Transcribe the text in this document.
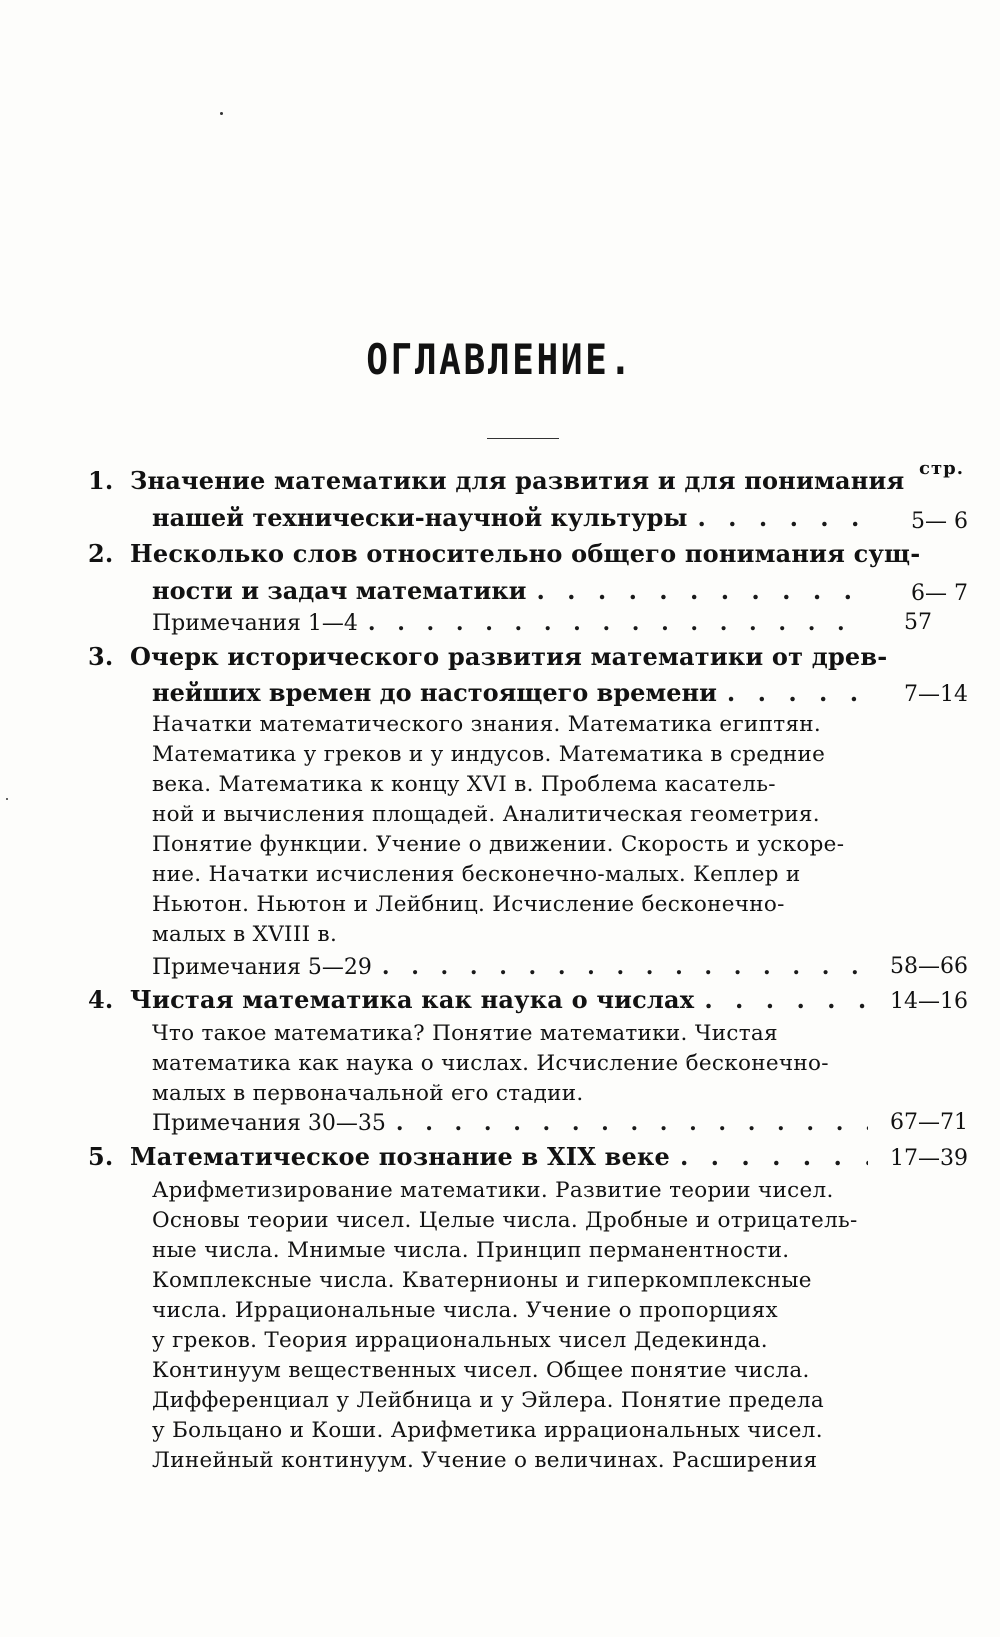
ОГЛАВЛЕНИЕ.
стр.
1. Значение математики для развития и для понимания
нашей технически-научной культуры . . .	5— 6
2. Несколько слов относительно общего понимания сущ-
ности и задач математики . . .	6— 7
Примечания 1—4 . . .	57
3. Очерк исторического развития математики от древ-
нейших времен до настоящего времени . . .	7—14
Начатки математического знания. Математика египтян.
Математика у греков и у индусов. Математика в средние
века. Математика к концу XVI в. Проблема касатель-
ной и вычисления площадей. Аналитическая геометрия.
Понятие функции. Учение о движении. Скорость и ускоре-
ние. Начатки исчисления бесконечно-малых. Кеплер и
Ньютон. Ньютон и Лейбниц. Исчисление бесконечно-
малых в XVIII в.
Примечания 5—29 . . .	58—66
4. Чистая математика как наука о числах . . .	14—16
Что такое математика? Понятие математики. Чистая
математика как наука о числах. Исчисление бесконечно-
малых в первоначальной его стадии.
Примечания 30—35 . . .	67—71
5. Математическое познание в XIX веке . . .	17—39
Арифметизирование математики. Развитие теории чисел.
Основы теории чисел. Целые числа. Дробные и отрицатель-
ные числа. Мнимые числа. Принцип перманентности.
Комплексные числа. Кватернионы и гиперкомплексные
числа. Иррациональные числа. Учение о пропорциях
у греков. Теория иррациональных чисел Дедекинда.
Континуум вещественных чисел. Общее понятие числа.
Дифференциал у Лейбница и у Эйлера. Понятие предела
у Больцано и Коши. Арифметика иррациональных чисел.
Линейный континуум. Учение о величинах. Расширения
